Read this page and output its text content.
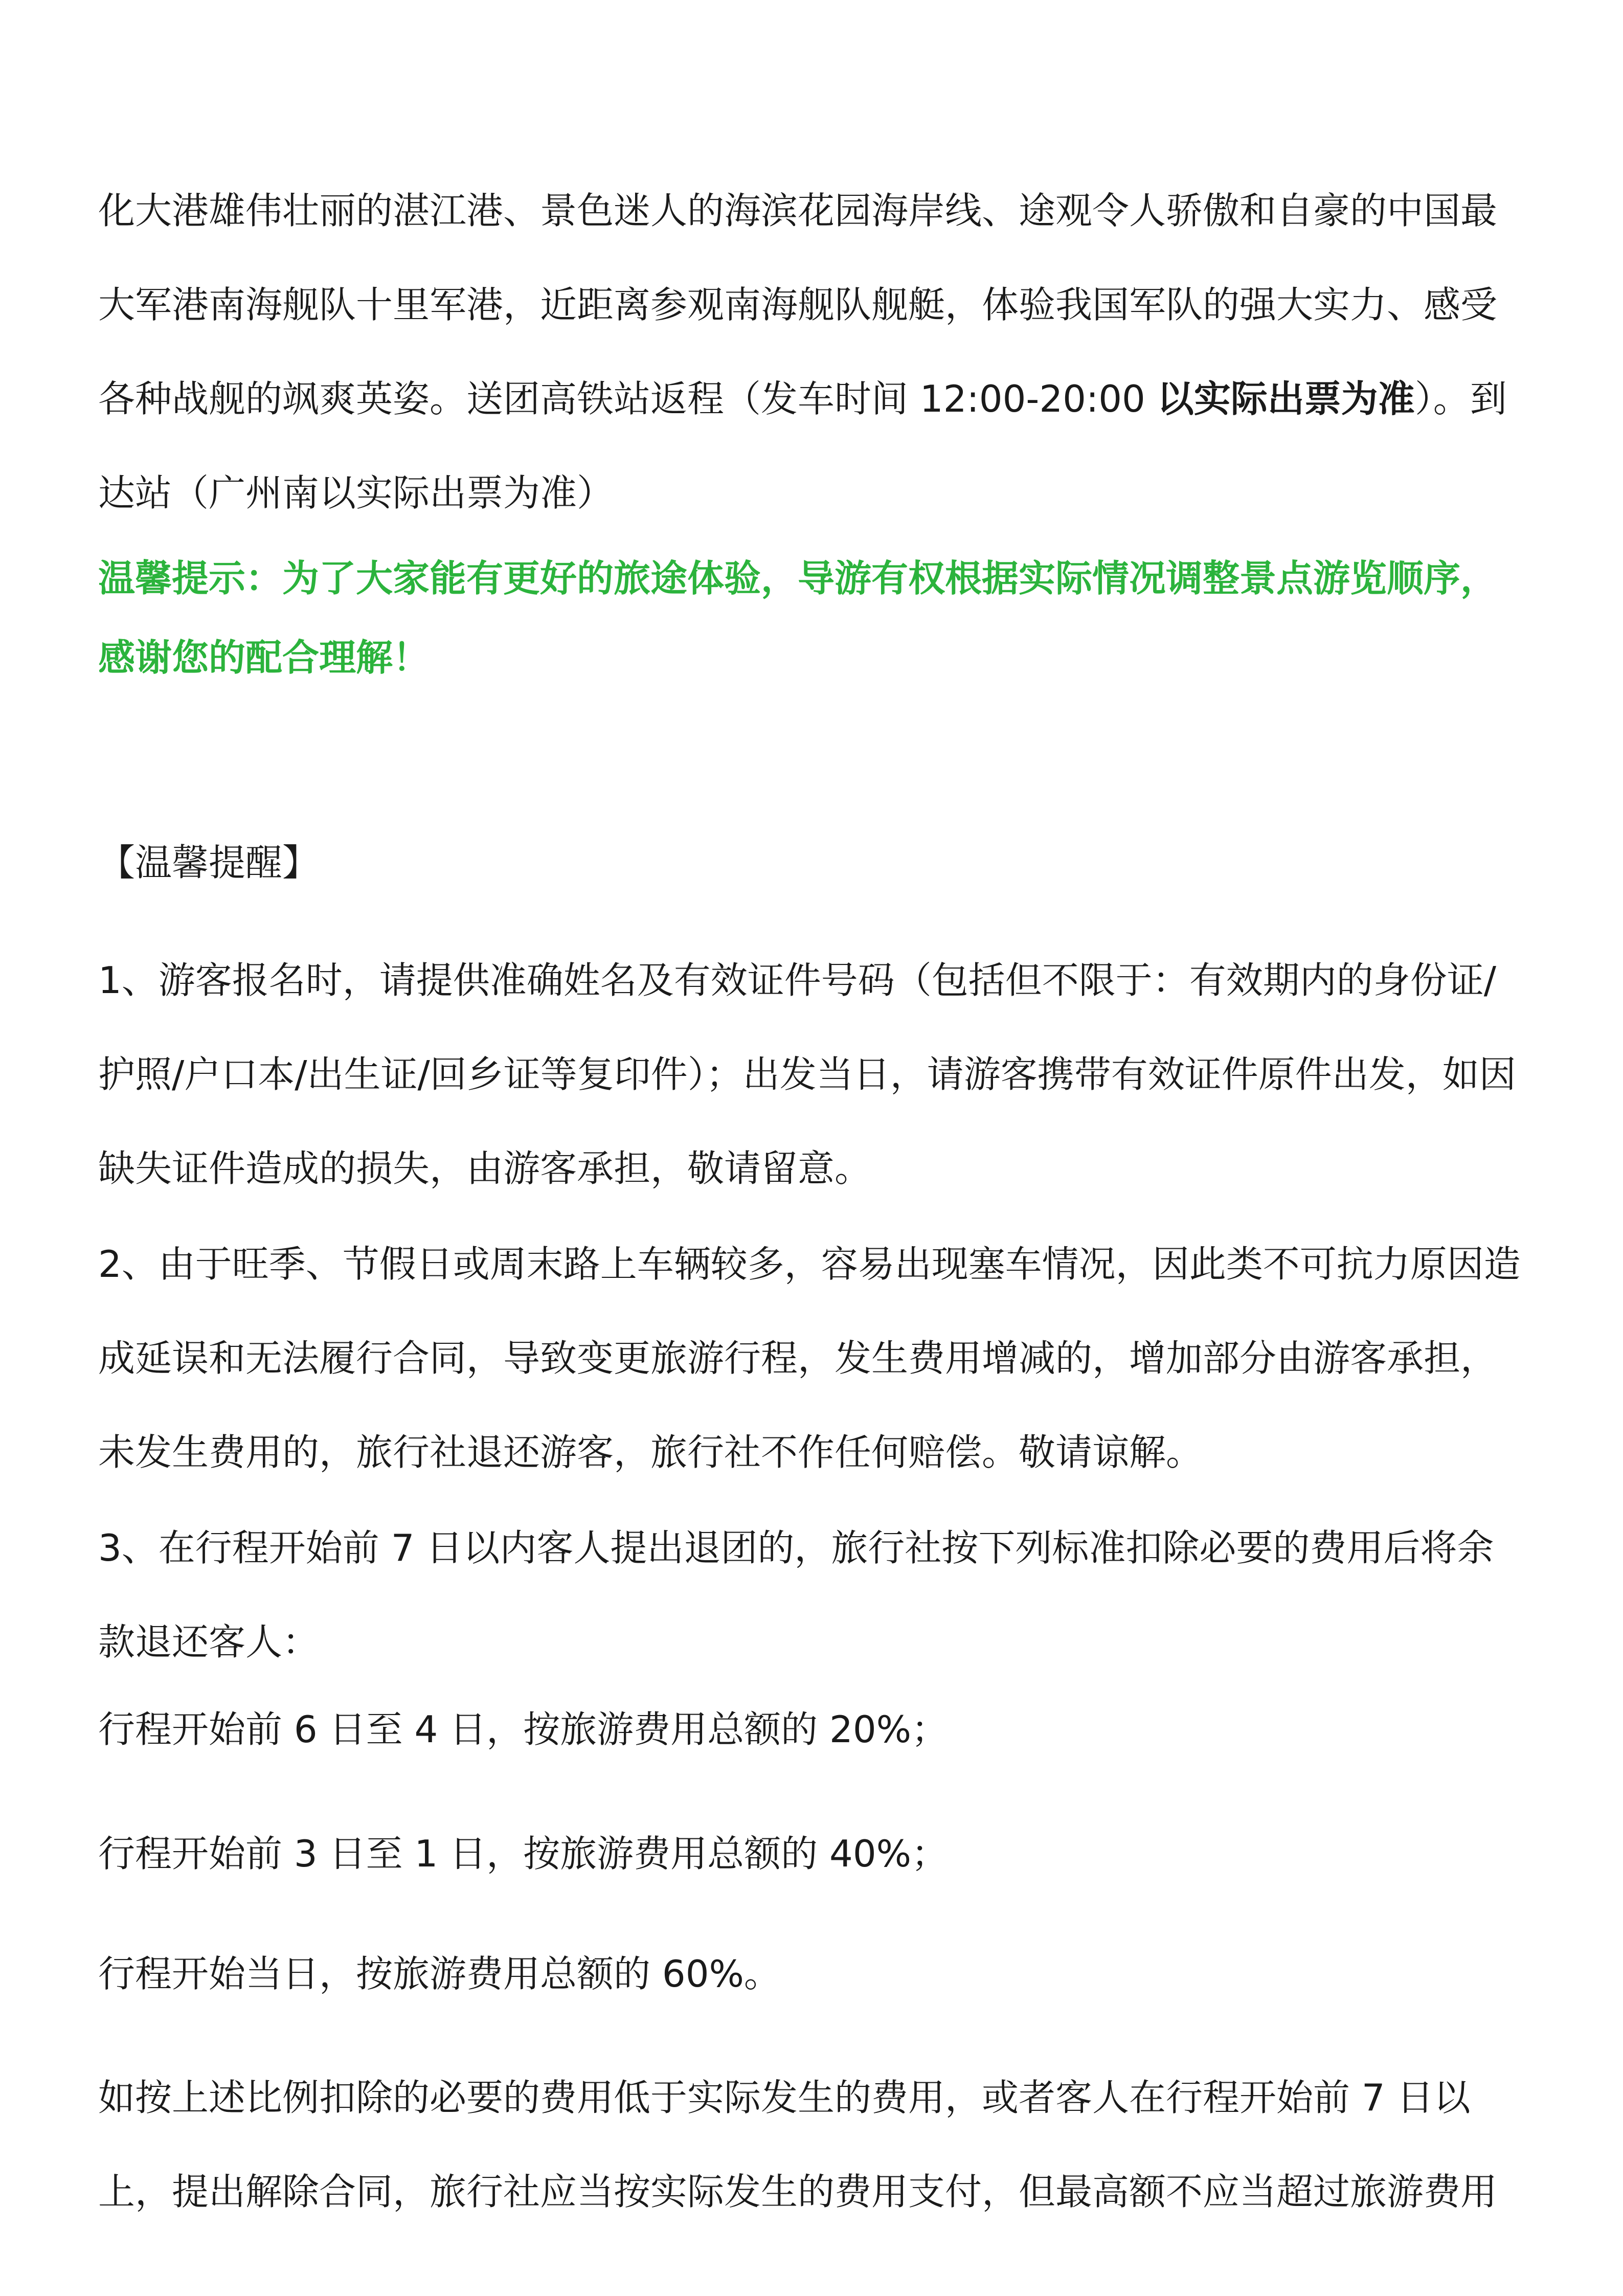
化大港雄伟壮丽的湛江港、景色迷人的海滨花园海岸线、途观令人骄傲和自豪的中国最大军港南海舰队十里军港，近距离参观南海舰队舰艇，体验我国军队的强大实力、感受各种战舰的飒爽英姿。送团高铁站返程（发车时间 12:00-20:00 以实际出票为准）。到达站（广州南以实际出票为准）

温馨提示：为了大家能有更好的旅途体验，导游有权根据实际情况调整景点游览顺序，感谢您的配合理解！

【温馨提醒】

1、游客报名时，请提供准确姓名及有效证件号码（包括但不限于：有效期内的身份证/护照/户口本/出生证/回乡证等复印件）；出发当日，请游客携带有效证件原件出发，如因缺失证件造成的损失，由游客承担，敬请留意。

2、由于旺季、节假日或周末路上车辆较多，容易出现塞车情况，因此类不可抗力原因造成延误和无法履行合同，导致变更旅游行程，发生费用增减的，增加部分由游客承担，未发生费用的，旅行社退还游客，旅行社不作任何赔偿。敬请谅解。

3、在行程开始前 7 日以内客人提出退团的，旅行社按下列标准扣除必要的费用后将余款退还客人：

行程开始前 6 日至 4 日，按旅游费用总额的 20%；

行程开始前 3 日至 1 日，按旅游费用总额的 40%；

行程开始当日，按旅游费用总额的 60%。

如按上述比例扣除的必要的费用低于实际发生的费用，或者客人在行程开始前 7 日以上，提出解除合同，旅行社应当按实际发生的费用支付，但最高额不应当超过旅游费用
